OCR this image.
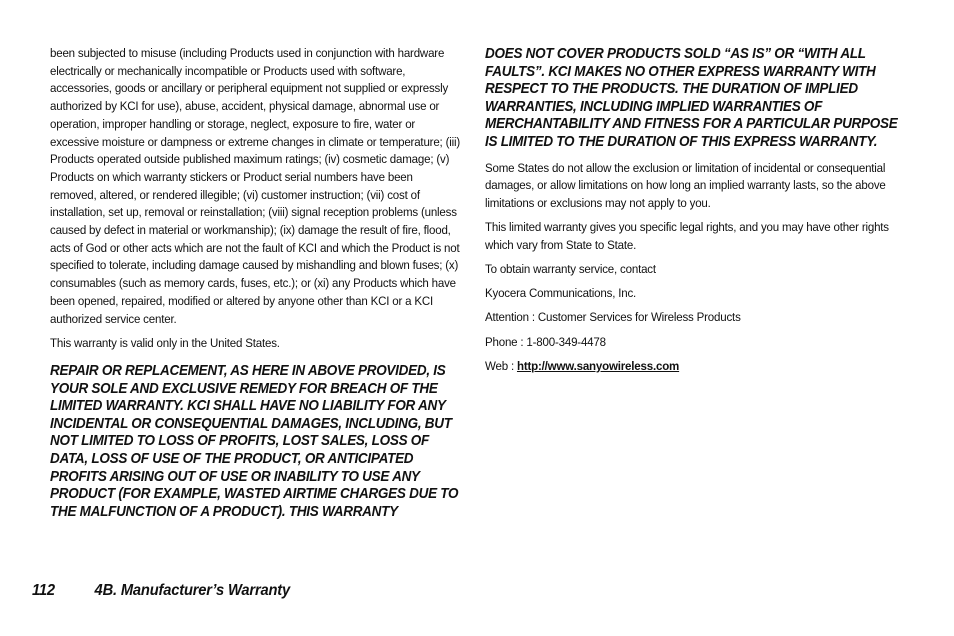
been subjected to misuse (including Products used in conjunction with hardware electrically or mechanically incompatible or Products used with software, accessories, goods or ancillary or peripheral equipment not supplied or expressly authorized by KCI for use), abuse, accident, physical damage, abnormal use or operation, improper handling or storage, neglect, exposure to fire, water or excessive moisture or dampness or extreme changes in climate or temperature; (iii) Products operated outside published maximum ratings; (iv) cosmetic damage; (v) Products on which warranty stickers or Product serial numbers have been removed, altered, or rendered illegible; (vi) customer instruction; (vii) cost of installation, set up, removal or reinstallation; (viii) signal reception problems (unless caused by defect in material or workmanship); (ix) damage the result of fire, flood, acts of God or other acts which are not the fault of KCI and which the Product is not specified to tolerate, including damage caused by mishandling and blown fuses; (x) consumables (such as memory cards, fuses, etc.); or (xi) any Products which have been opened, repaired, modified or altered by anyone other than KCI or a KCI authorized service center.

This warranty is valid only in the United States.

REPAIR OR REPLACEMENT, AS HERE IN ABOVE PROVIDED, IS YOUR SOLE AND EXCLUSIVE REMEDY FOR BREACH OF THE LIMITED WARRANTY. KCI SHALL HAVE NO LIABILITY FOR ANY INCIDENTAL OR CONSEQUENTIAL DAMAGES, INCLUDING, BUT NOT LIMITED TO LOSS OF PROFITS, LOST SALES, LOSS OF DATA, LOSS OF USE OF THE PRODUCT, OR ANTICIPATED PROFITS ARISING OUT OF USE OR INABILITY TO USE ANY PRODUCT (FOR EXAMPLE, WASTED AIRTIME CHARGES DUE TO THE MALFUNCTION OF A PRODUCT). THIS WARRANTY

DOES NOT COVER PRODUCTS SOLD “AS IS” OR “WITH ALL FAULTS”. KCI MAKES NO OTHER EXPRESS WARRANTY WITH RESPECT TO THE PRODUCTS. THE DURATION OF IMPLIED WARRANTIES, INCLUDING IMPLIED WARRANTIES OF MERCHANTABILITY AND FITNESS FOR A PARTICULAR PURPOSE IS LIMITED TO THE DURATION OF THIS EXPRESS WARRANTY.

Some States do not allow the exclusion or limitation of incidental or consequential damages, or allow limitations on how long an implied warranty lasts, so the above limitations or exclusions may not apply to you.

This limited warranty gives you specific legal rights, and you may have other rights which vary from State to State.

To obtain warranty service, contact

Kyocera Communications, Inc.

Attention : Customer Services for Wireless Products

Phone : 1-800-349-4478

Web : http://www.sanyowireless.com

112 4B. Manufacturer’s Warranty
